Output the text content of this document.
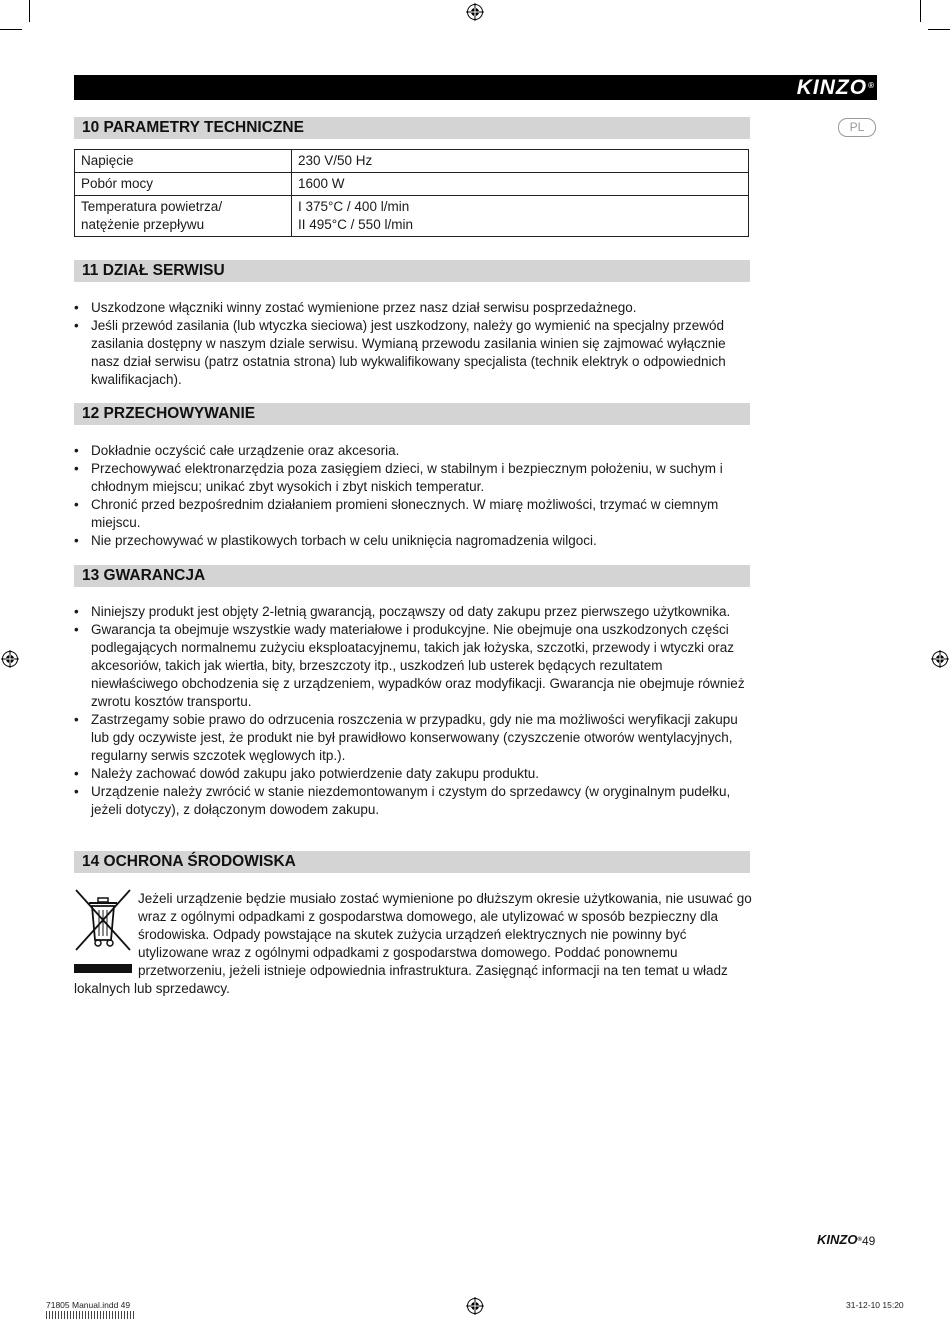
KINZO®
PL
10 PARAMETRY TECHNICZNE
Napięcie	230 V/50 Hz
Pobór mocy	1600 W
Temperatura powietrza/
natężenie przepływu	I 375°C / 400 l/min
II 495°C / 550 l/min
11 DZIAŁ SERWISU
• Uszkodzone włączniki winny zostać wymienione przez nasz dział serwisu posprzedażnego.
• Jeśli przewód zasilania (lub wtyczka sieciowa) jest uszkodzony, należy go wymienić na specjalny przewód zasilania dostępny w naszym dziale serwisu. Wymianą przewodu zasilania winien się zajmować wyłącznie nasz dział serwisu (patrz ostatnia strona) lub wykwalifikowany specjalista (technik elektryk o odpowiednich kwalifikacjach).
12 PRZECHOWYWANIE
• Dokładnie oczyścić całe urządzenie oraz akcesoria.
• Przechowywać elektronarzędzia poza zasięgiem dzieci, w stabilnym i bezpiecznym położeniu, w suchym i chłodnym miejscu; unikać zbyt wysokich i zbyt niskich temperatur.
• Chronić przed bezpośrednim działaniem promieni słonecznych. W miarę możliwości, trzymać w ciemnym miejscu.
• Nie przechowywać w plastikowych torbach w celu uniknięcia nagromadzenia wilgoci.
13 GWARANCJA
• Niniejszy produkt jest objęty 2-letnią gwarancją, począwszy od daty zakupu przez pierwszego użytkownika.
• Gwarancja ta obejmuje wszystkie wady materiałowe i produkcyjne. Nie obejmuje ona uszkodzonych części podlegających normalnemu zużyciu eksploatacyjnemu, takich jak łożyska, szczotki, przewody i wtyczki oraz akcesoriów, takich jak wiertła, bity, brzeszczoty itp., uszkodzeń lub usterek będących rezultatem niewłaściwego obchodzenia się z urządzeniem, wypadków oraz modyfikacji. Gwarancja nie obejmuje również zwrotu kosztów transportu.
• Zastrzegamy sobie prawo do odrzucenia roszczenia w przypadku, gdy nie ma możliwości weryfikacji zakupu lub gdy oczywiste jest, że produkt nie był prawidłowo konserwowany (czyszczenie otworów wentylacyjnych, regularny serwis szczotek węglowych itp.).
• Należy zachować dowód zakupu jako potwierdzenie daty zakupu produktu.
• Urządzenie należy zwrócić w stanie niezdemontowanym i czystym do sprzedawcy (w oryginalnym pudełku, jeżeli dotyczy), z dołączonym dowodem zakupu.
14 OCHRONA ŚRODOWISKA
Jeżeli urządzenie będzie musiało zostać wymienione po dłuższym okresie użytkowania, nie usuwać go wraz z ogólnymi odpadkami z gospodarstwa domowego, ale utylizować w sposób bezpieczny dla środowiska. Odpady powstające na skutek zużycia urządzeń elektrycznych nie powinny być utylizowane wraz z ogólnymi odpadkami z gospodarstwa domowego. Poddać ponownemu przetworzeniu, jeżeli istnieje odpowiednia infrastruktura. Zasięgnąć informacji na ten temat u władz lokalnych lub sprzedawcy.
KINZO® 49
71805 Manual.indd 49	31-12-10 15:20
